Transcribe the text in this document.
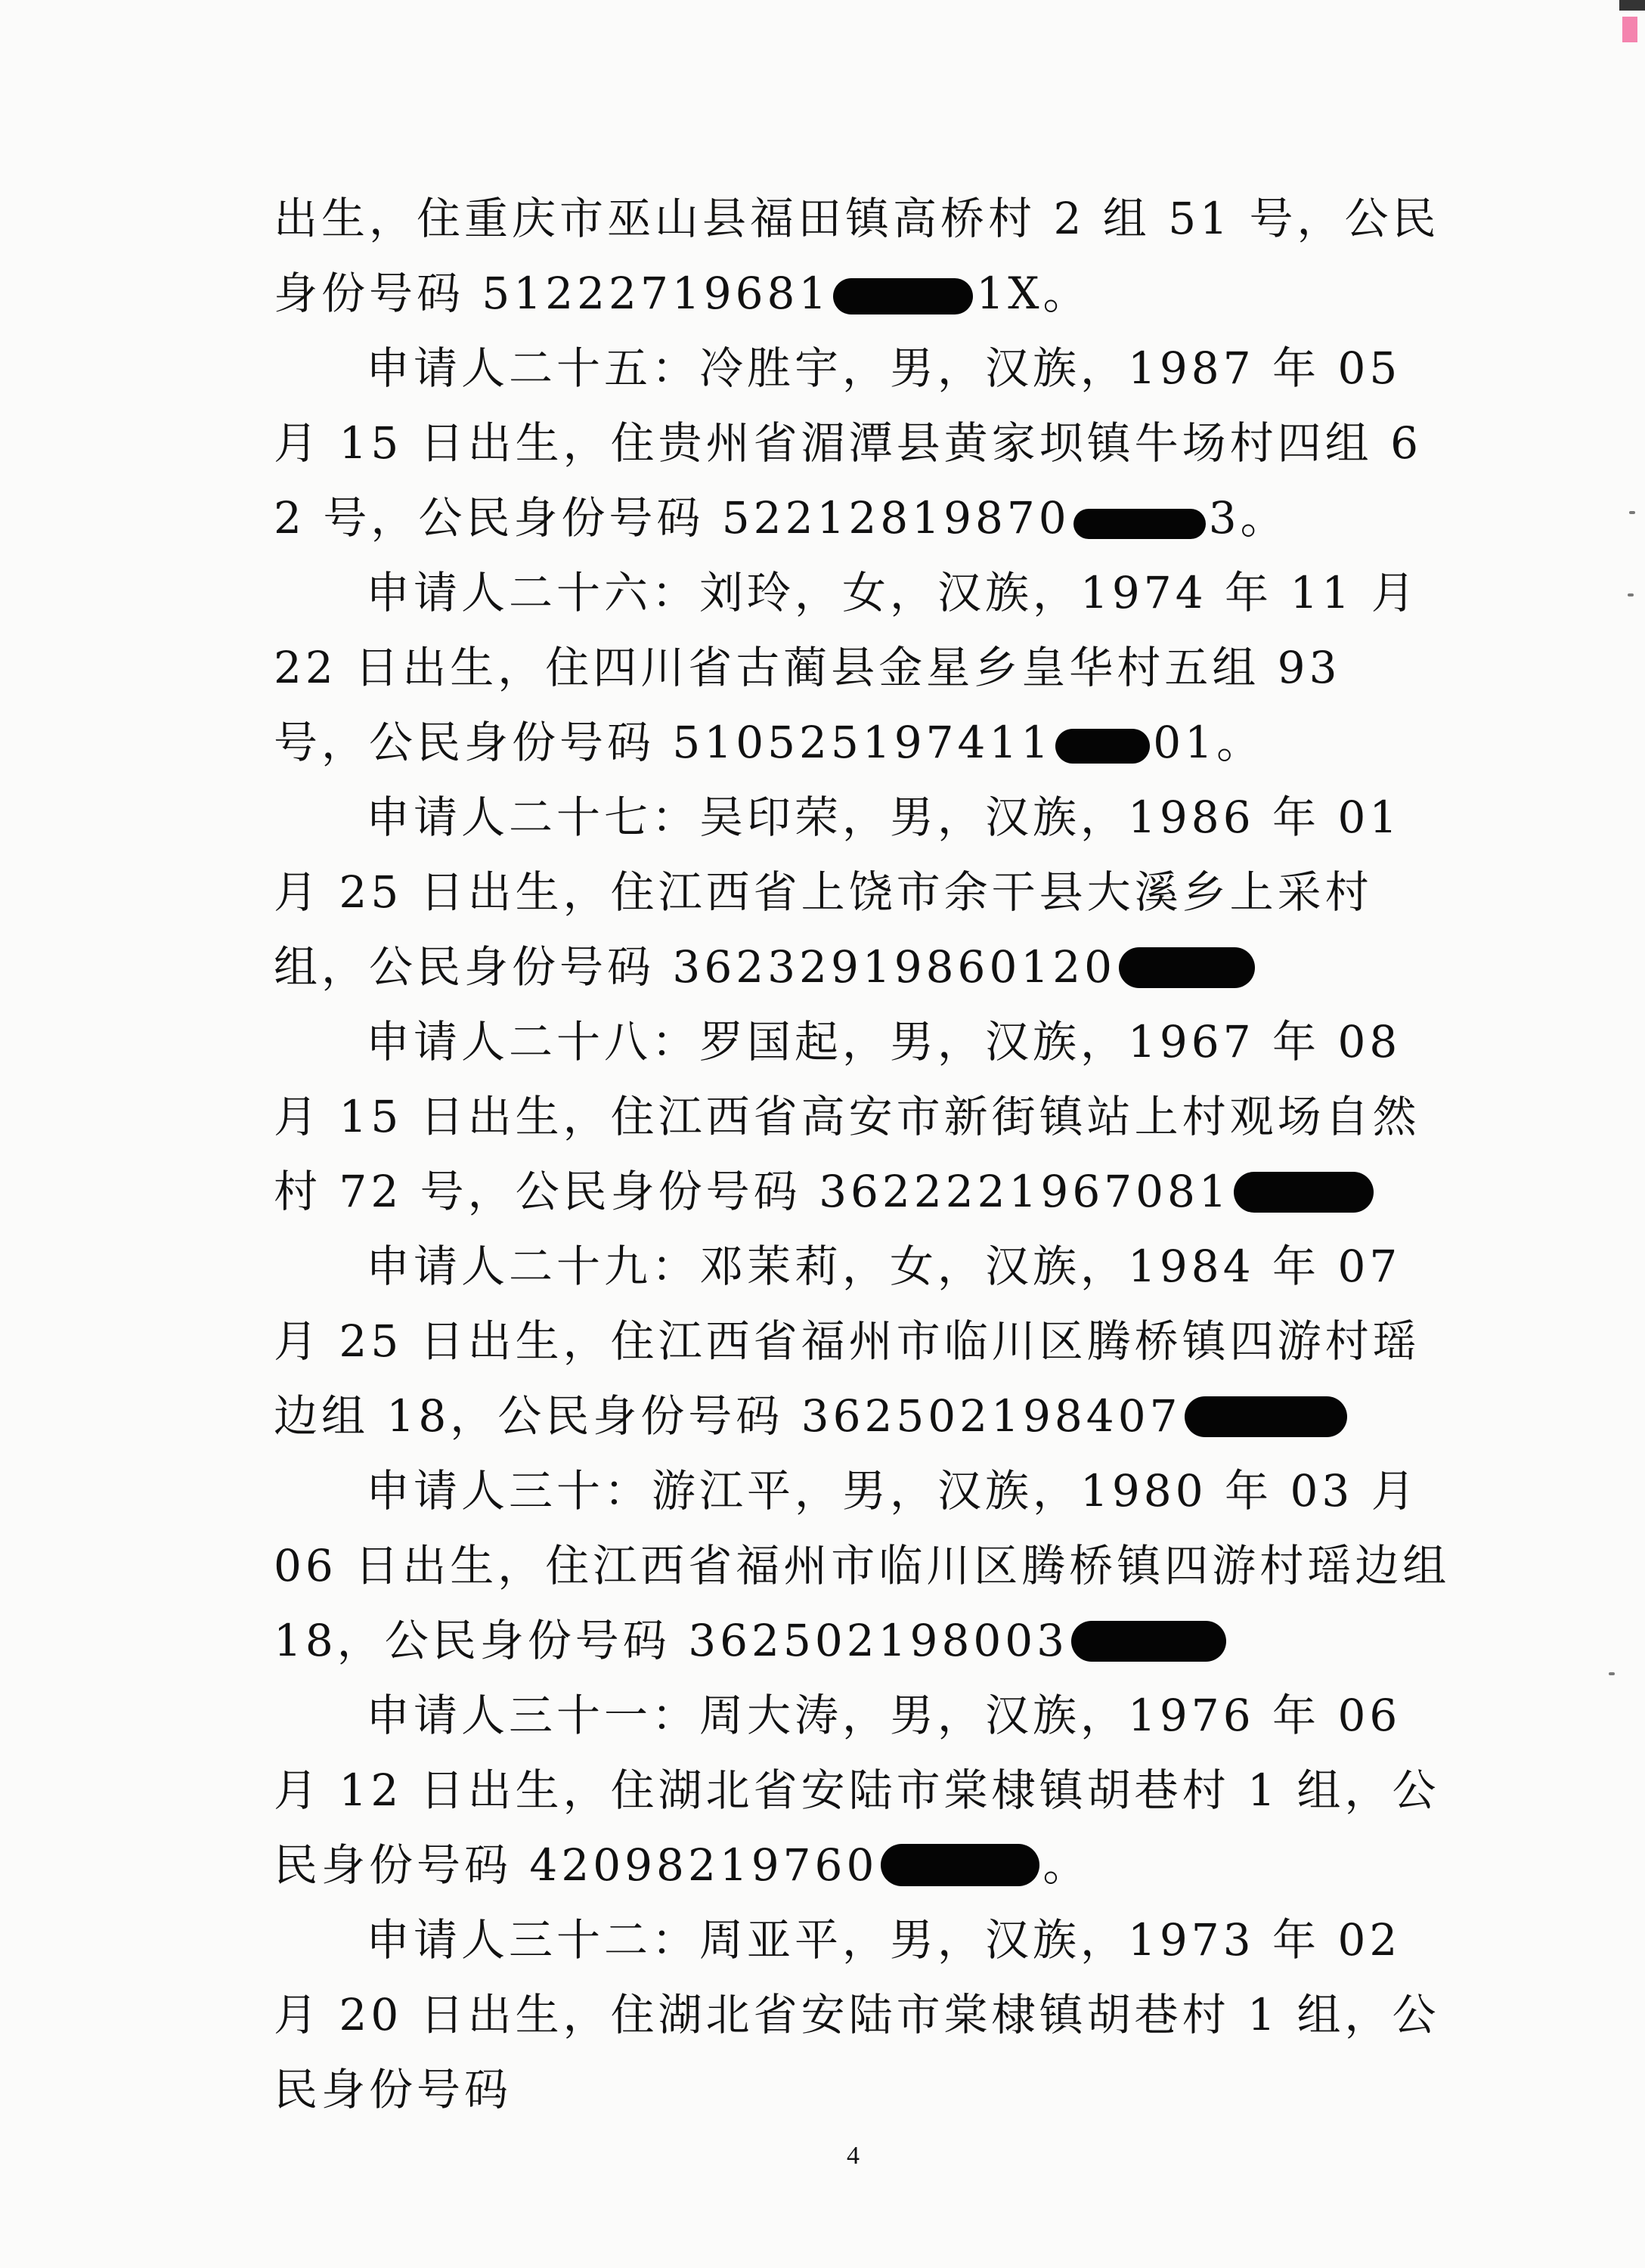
出生，住重庆市巫山县福田镇高桥村 2 组 51 号，公民身份号码 51222719681	1X。

申请人二十五：冷胜宇，男，汉族，1987 年 05 月 15 日出生，住贵州省湄潭县黄家坝镇牛场村四组 62 号，公民身份号码 52212819870	3。

申请人二十六：刘玲，女，汉族，1974 年 11 月 22 日出生，住四川省古蔺县金星乡皇华村五组 93 号，公民身份号码 510525197411 01。

申请人二十七：吴印荣，男，汉族，1986 年 01 月 25 日出生，住江西省上饶市余干县大溪乡上采村组，公民身份号码 36232919860120

申请人二十八：罗国起，男，汉族，1967 年 08 月 15 日出生，住江西省高安市新街镇站上村观场自然村 72 号，公民身份号码 3622221967081

申请人二十九：邓茉莉，女，汉族，1984 年 07 月 25 日出生，住江西省福州市临川区腾桥镇四游村瑶边组 18，公民身份号码 362502198407

申请人三十：游江平，男，汉族，1980 年 03 月 06 日出生，住江西省福州市临川区腾桥镇四游村瑶边组 18，公民身份号码 362502198003

申请人三十一：周大涛，男，汉族，1976 年 06 月 12 日出生，住湖北省安陆市棠棣镇胡巷村 1 组，公民身份号码 42098219760	。

申请人三十二：周亚平，男，汉族，1973 年 02 月 20 日出生，住湖北省安陆市棠棣镇胡巷村 1 组，公民身份号码

4
